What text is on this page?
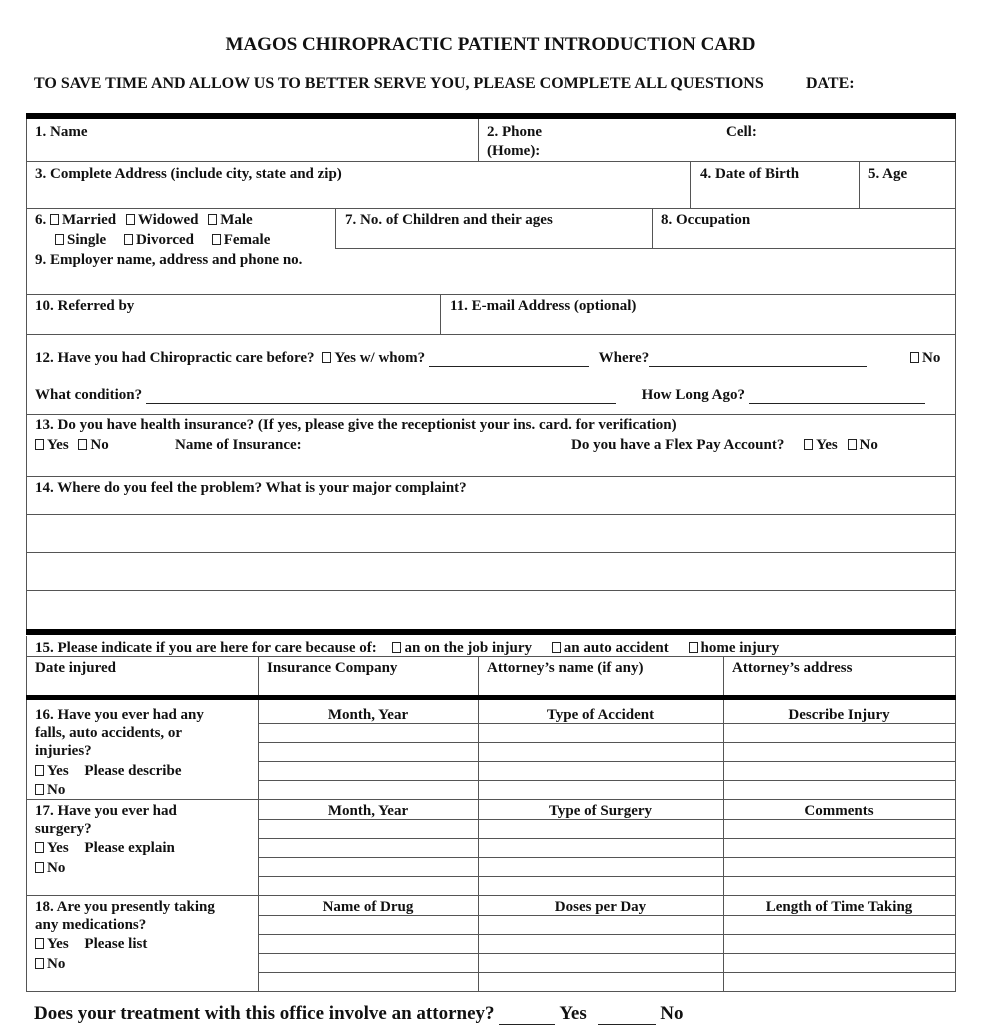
MAGOS CHIROPRACTIC PATIENT INTRODUCTION CARD
TO SAVE TIME AND ALLOW US TO BETTER SERVE YOU, PLEASE COMPLETE ALL QUESTIONS	DATE:
1. Name	2. Phone
(Home):
Cell:
3. Complete Address (include city, state and zip)	4. Date of Birth	5. Age
6. Married Widowed Male
Single Divorced Female
7. No. of Children and their ages	8. Occupation
9. Employer name, address and phone no.
10. Referred by	11. E-mail Address (optional)
12. Have you had Chiropractic care before? Yes w/ whom?	Where?	No
What condition?	How Long Ago?
13. Do you have health insurance? (If yes, please give the receptionist your ins. card. for verification)
Yes No	Name of Insurance:	Do you have a Flex Pay Account? Yes No
14. Where do you feel the problem? What is your major complaint?
15. Please indicate if you are here for care because of: an on the job injury an auto accident home injury
Date injured	Insurance Company	Attorney’s name (if any)	Attorney’s address
16. Have you ever had any
falls, auto accidents, or
injuries?
Yes Please describe
No
Month, Year	Type of Accident	Describe Injury
17. Have you ever had
surgery?
Yes Please explain
No
Month, Year	Type of Surgery	Comments
18. Are you presently taking
any medications?
Yes Please list
No
Name of Drug	Doses per Day	Length of Time Taking
Does your treatment with this office involve an attorney?	Yes	No
